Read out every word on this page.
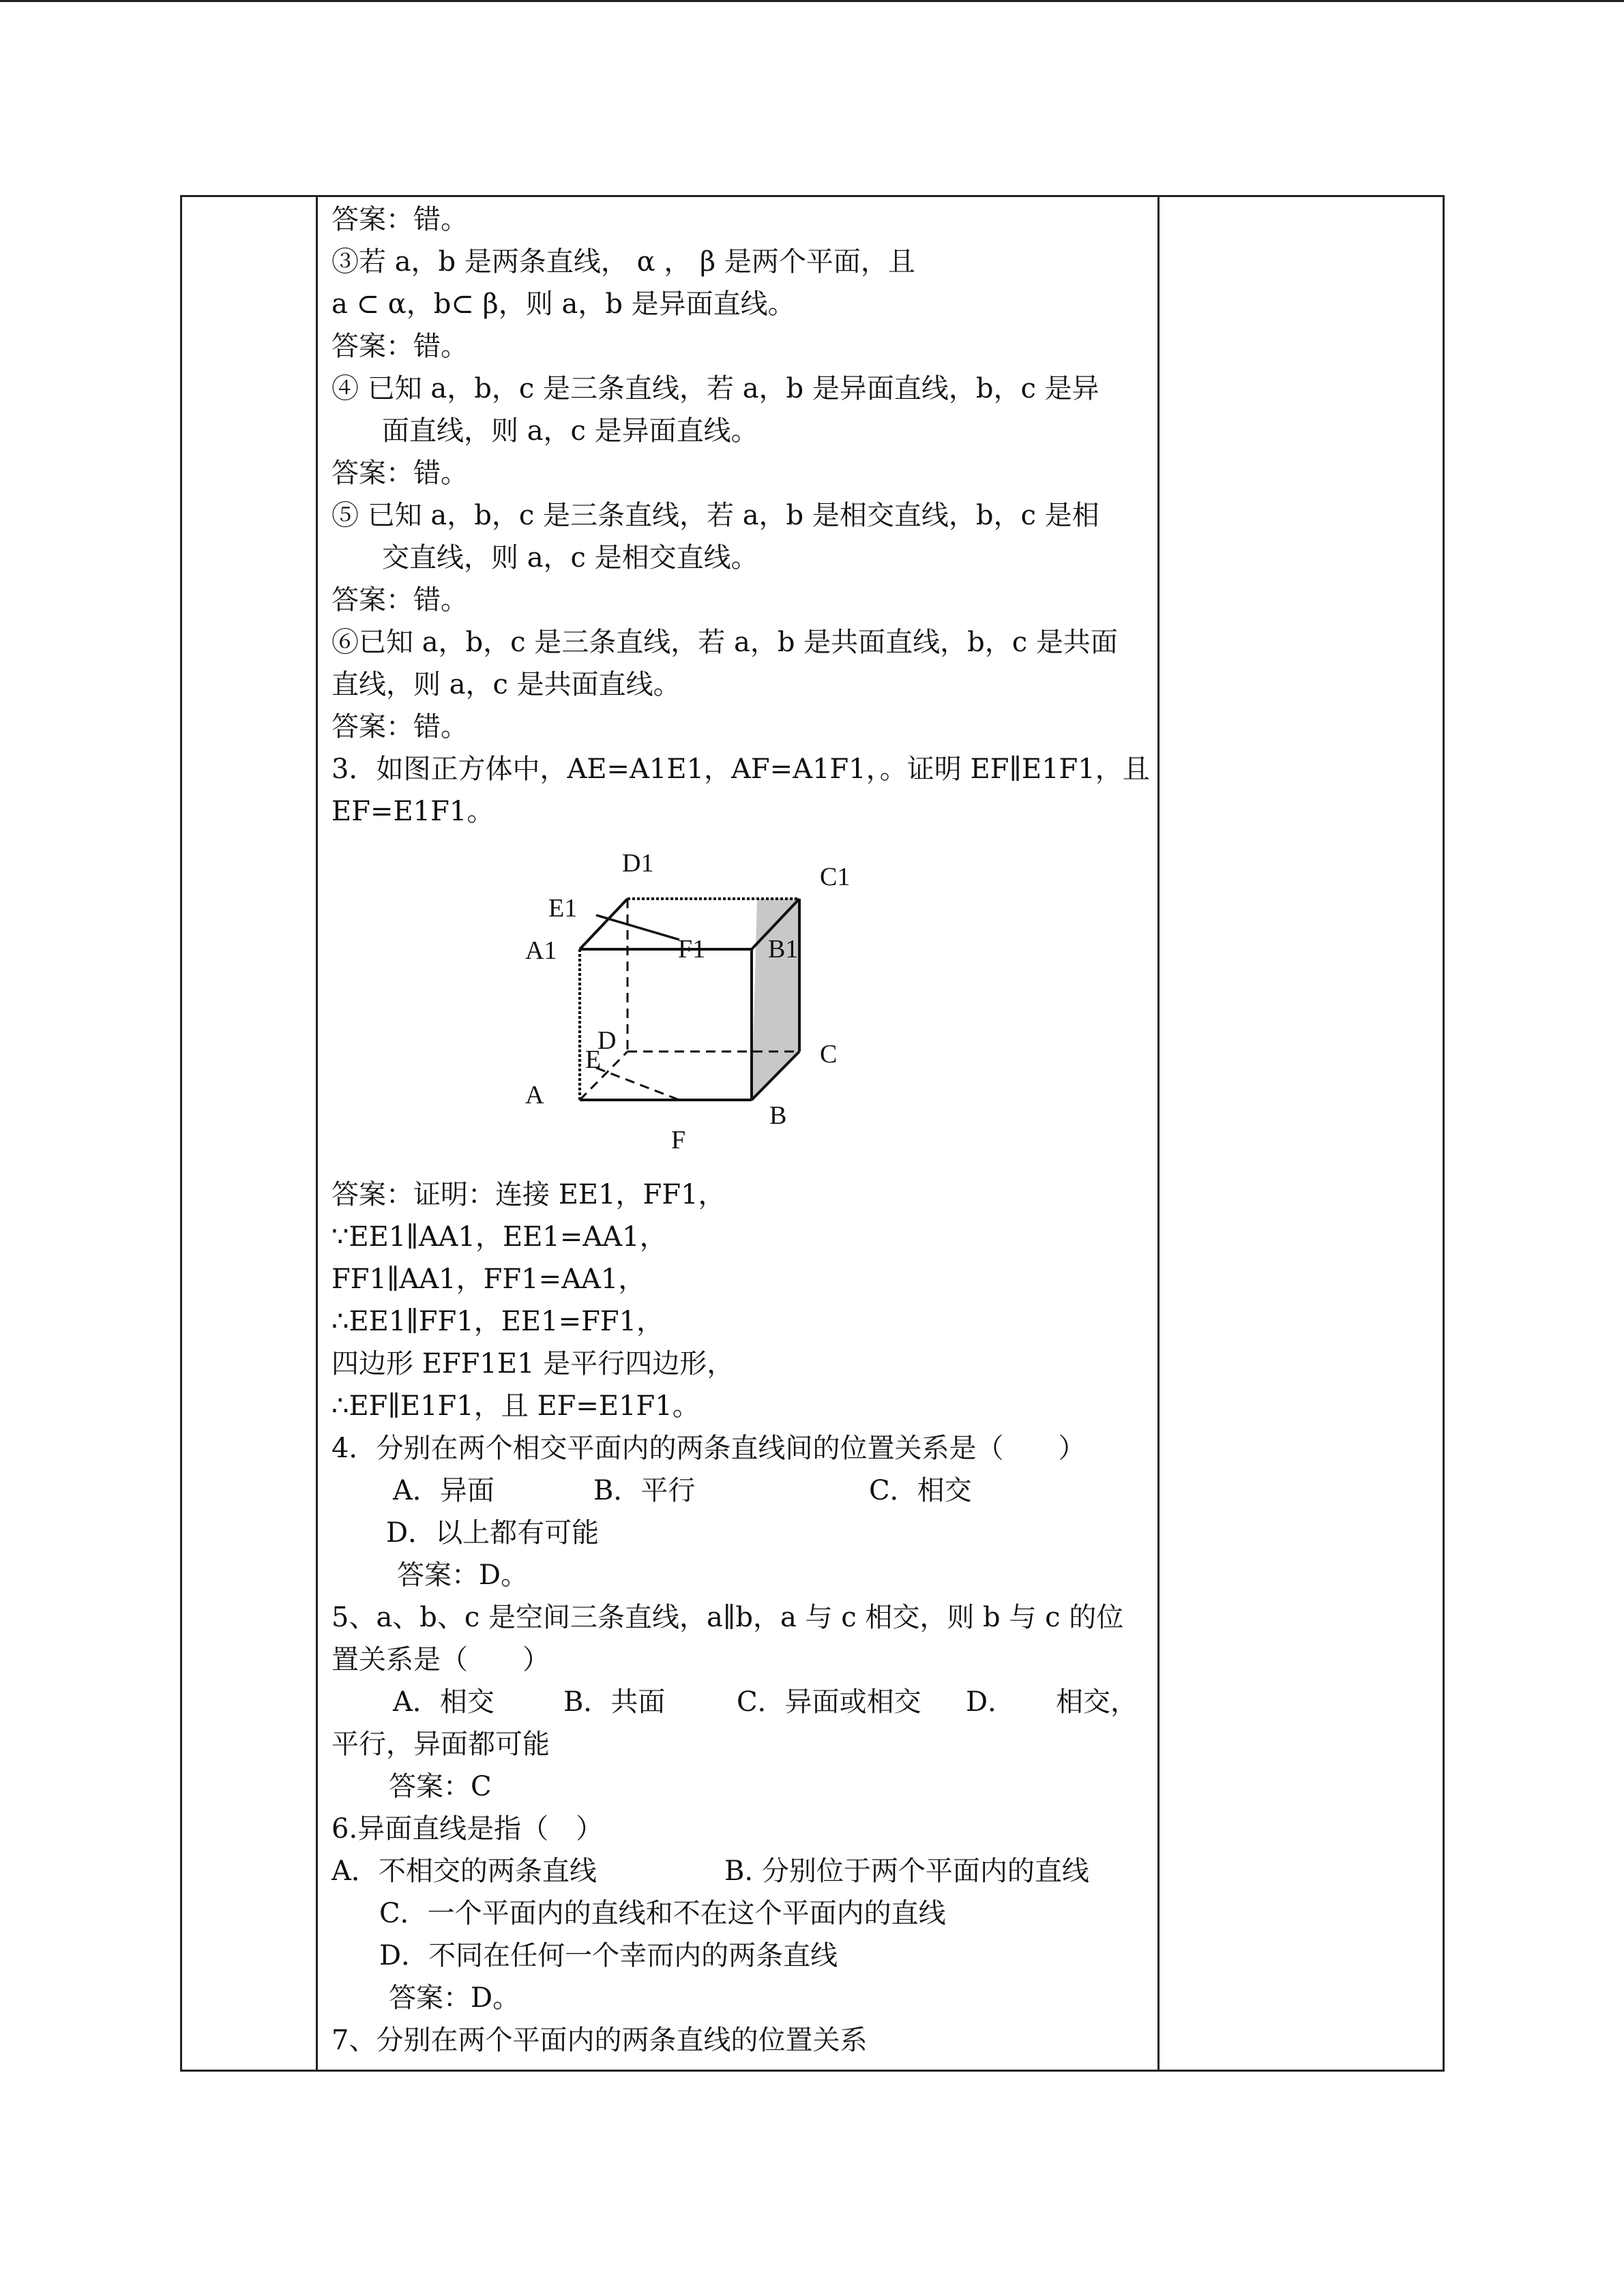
答案：错。
③若 a，b 是两条直线， α ， β 是两个平面，且
a ⊂ α，b⊂ β，则 a，b 是异面直线。
答案：错。
④ 已知 a，b，c 是三条直线，若 a，b 是异面直线，b，c 是异
面直线，则 a，c 是异面直线。
答案：错。
⑤ 已知 a，b，c 是三条直线，若 a，b 是相交直线，b，c 是相
交直线，则 a，c 是相交直线。
答案：错。
⑥已知 a，b，c 是三条直线，若 a，b 是共面直线，b，c 是共面
直线，则 a，c 是共面直线。
答案：错。
3．如图正方体中，AE=A1E1，AF=A1F1，。证明 EF∥E1F1，且
EF=E1F1。
答案：证明：连接 EE1，FF1，
∵EE1∥AA1，EE1=AA1，
FF1∥AA1，FF1=AA1，
∴EE1∥FF1，EE1=FF1，
四边形 EFF1E1 是平行四边形，
∴EF∥E1F1，且 EF=E1F1。
4．分别在两个相交平面内的两条直线间的位置关系是（　　）
A．异面	B．平行	C．相交
D．以上都有可能
答案：D。
5、a、b、c 是空间三条直线，a∥b，a 与 c 相交，则 b 与 c 的位
置关系是（　　）
A．相交	B．共面	C．异面或相交 D． 相交，
平行，异面都可能
答案：C
6.异面直线是指（　）
A．不相交的两条直线	B. 分别位于两个平面内的直线
C．一个平面内的直线和不在这个平面内的直线
D．不同在任何一个幸而内的两条直线
答案：D。
7、分别在两个平面内的两条直线的位置关系
D1	C1
E1
A1	F1 B1
D
E	C
A
B
F
